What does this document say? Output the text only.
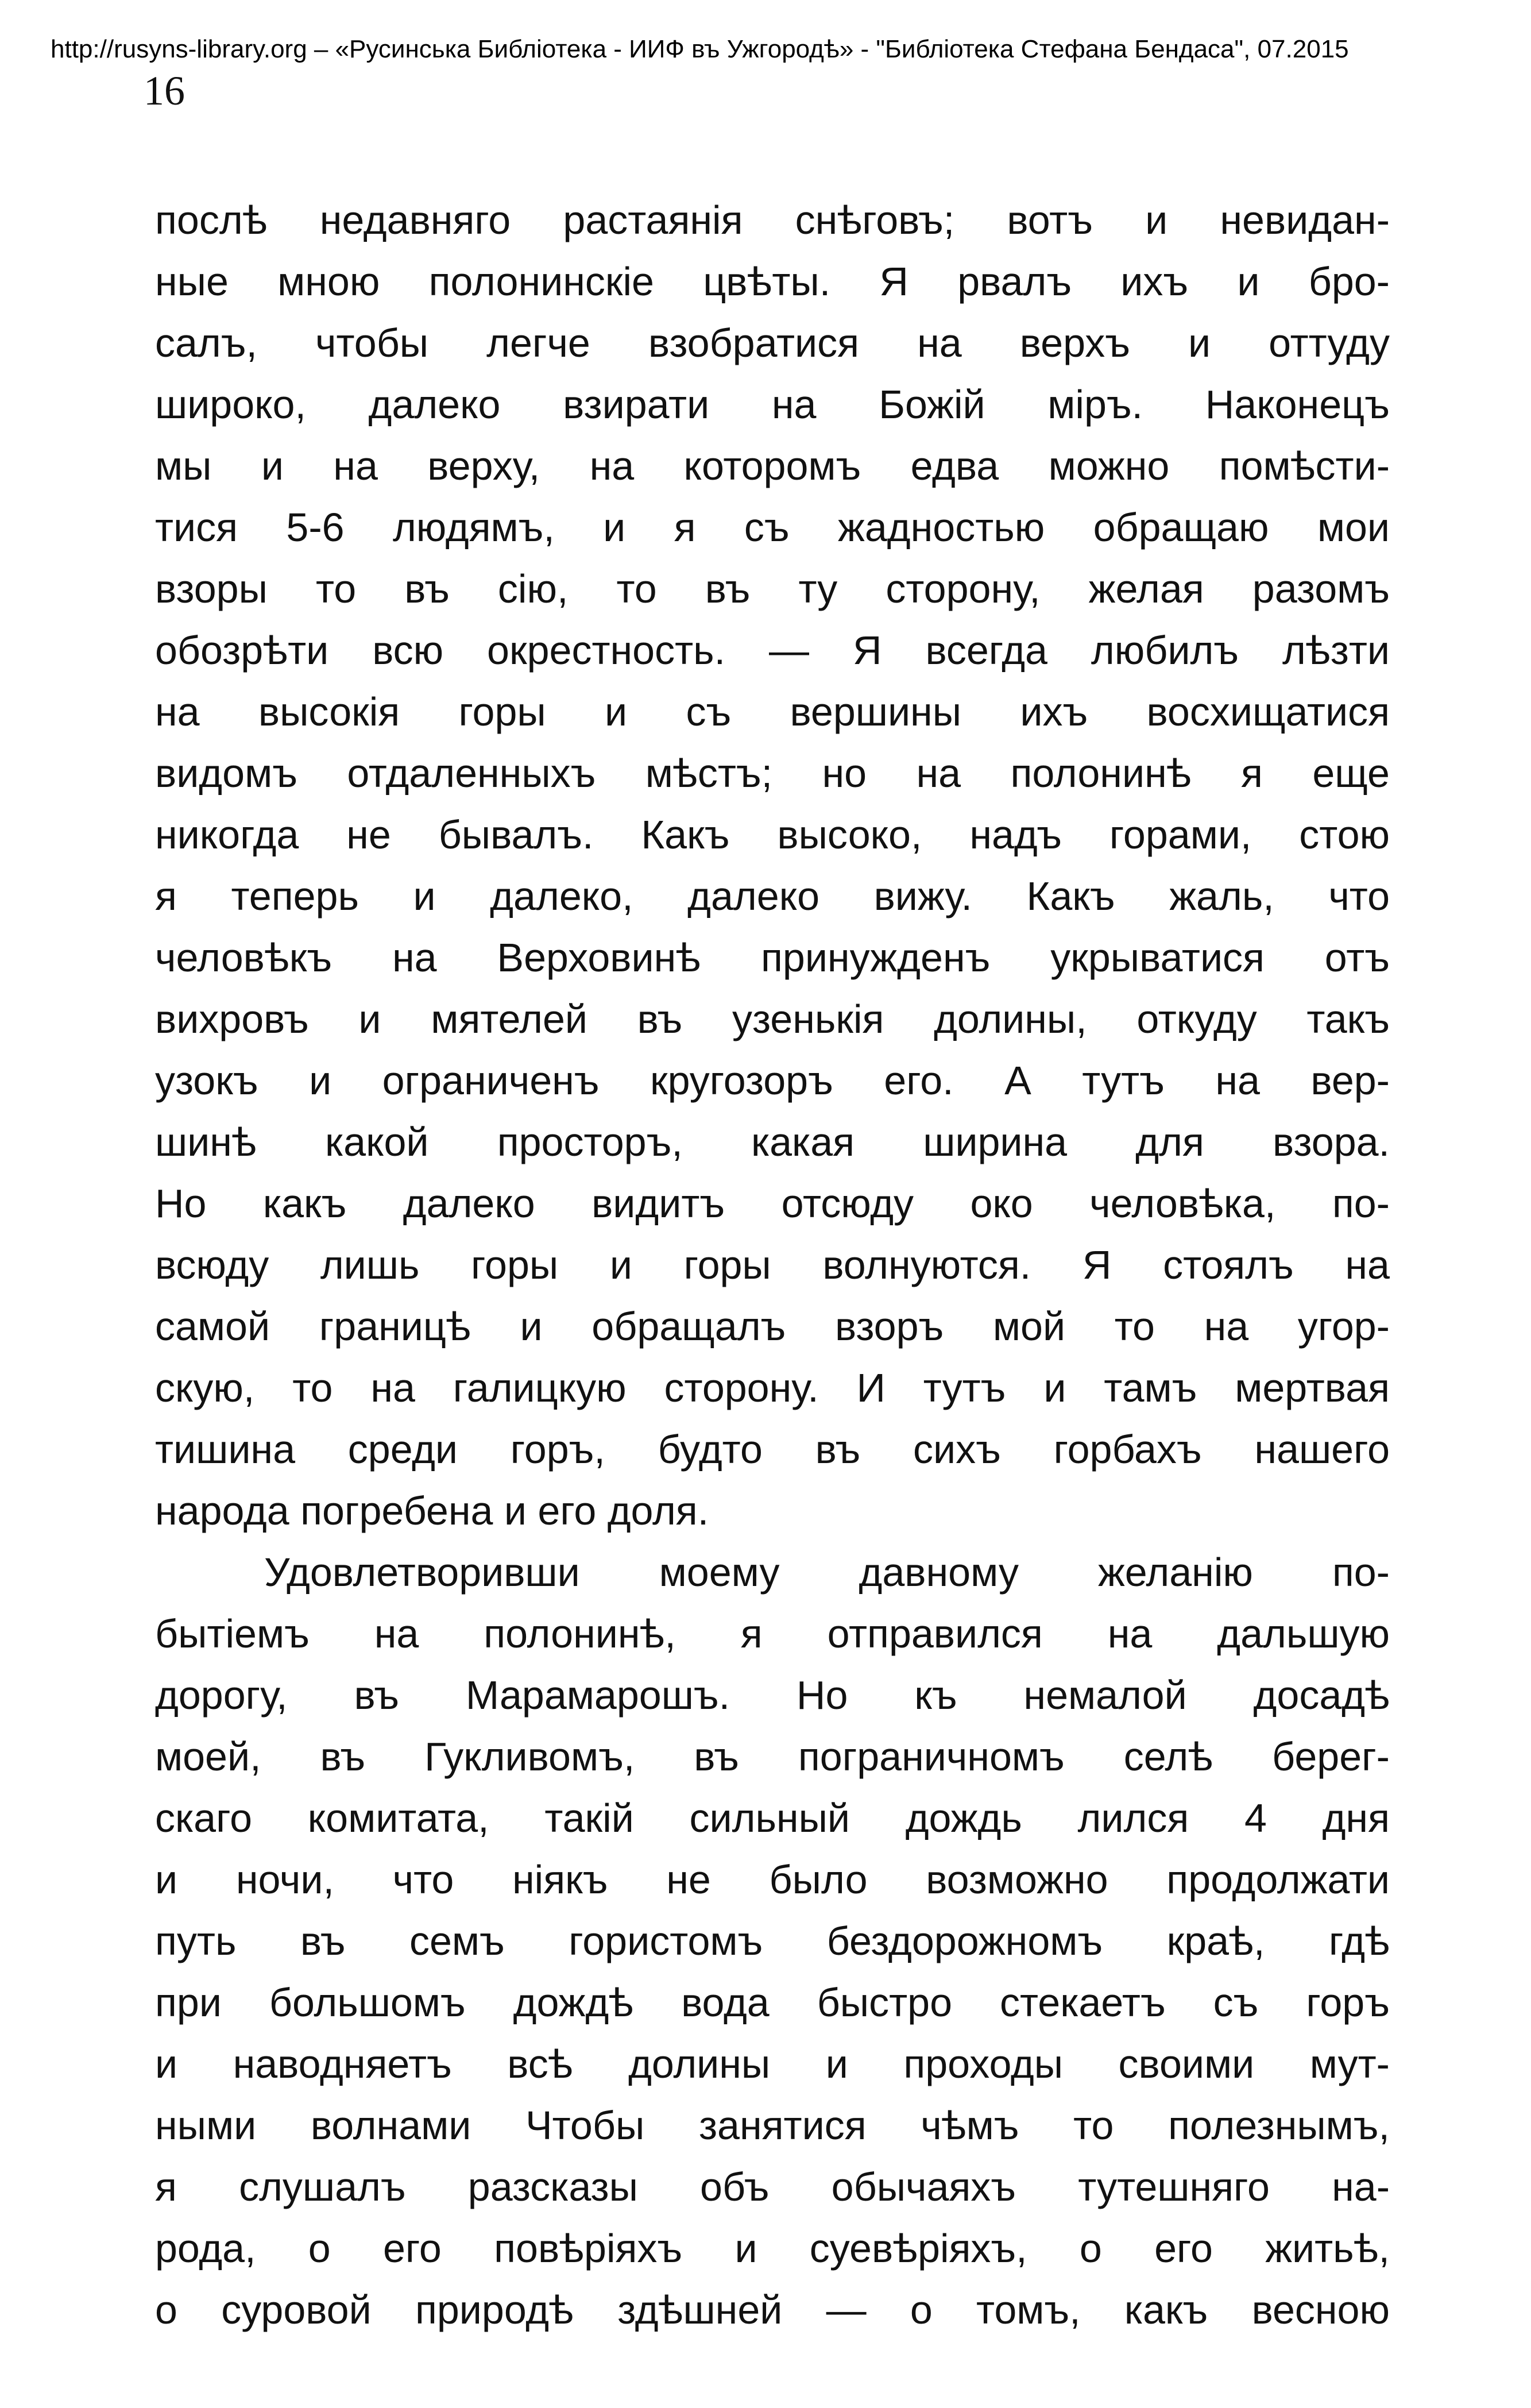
http://rusyns-library.org – «Русинська Библіотека - ИИФ въ Ужгородѣ» - "Библіотека Стефана Бендаса", 07.2015
16
послѣ недавняго растаянія снѣговъ; вотъ и невидан-
ные мною полонинскіе цвѣты. Я рвалъ ихъ и бро-
салъ, чтобы легче взобратися на верхъ и оттуду
широко, далеко взирати на Божій міръ. Наконецъ
мы и на верху, на которомъ едва можно помѣсти-
тися 5-6 людямъ, и я съ жадностью обращаю мои
взоры то въ сію, то въ ту сторону, желая разомъ
обозрѣти всю окрестность. — Я всегда любилъ лѣзти
на высокія горы и съ вершины ихъ восхищатися
видомъ отдаленныхъ мѣстъ; но на полонинѣ я еще
никогда не бывалъ. Какъ высоко, надъ горами, стою
я теперь и далеко, далеко вижу. Какъ жаль, что
человѣкъ на Верховинѣ принужденъ укрыватися отъ
вихровъ и мятелей въ узенькія долины, откуду такъ
узокъ и ограниченъ кругозоръ его. А тутъ на вер-
шинѣ какой просторъ, какая ширина для взора.
Но какъ далеко видитъ отсюду око человѣка, по-
всюду лишь горы и горы волнуются. Я стоялъ на
самой границѣ и обращалъ взоръ мой то на угор-
скую, то на галицкую сторону. И тутъ и тамъ мертвая
тишина среди горъ, будто въ сихъ горбахъ нашего
народа погребена и его доля.
Удовлетворивши моему давному желанію по-
бытіемъ на полонинѣ, я отправился на дальшую
дорогу, въ Марамарошъ. Но къ немалой досадѣ
моей, въ Гукливомъ, въ пограничномъ селѣ берег-
скаго комитата, такій сильный дождь лился 4 дня
и ночи, что ніякъ не было возможно продолжати
путь въ семъ гористомъ бездорожномъ краѣ, гдѣ
при большомъ дождѣ вода быстро стекаетъ съ горъ
и наводняетъ всѣ долины и проходы своими мут-
ными волнами Чтобы занятися чѣмъ то полезнымъ,
я слушалъ разсказы объ обычаяхъ тутешняго на-
рода, о его повѣріяхъ и суевѣріяхъ, о его житьѣ,
о суровой природѣ здѣшней — о томъ, какъ весною
